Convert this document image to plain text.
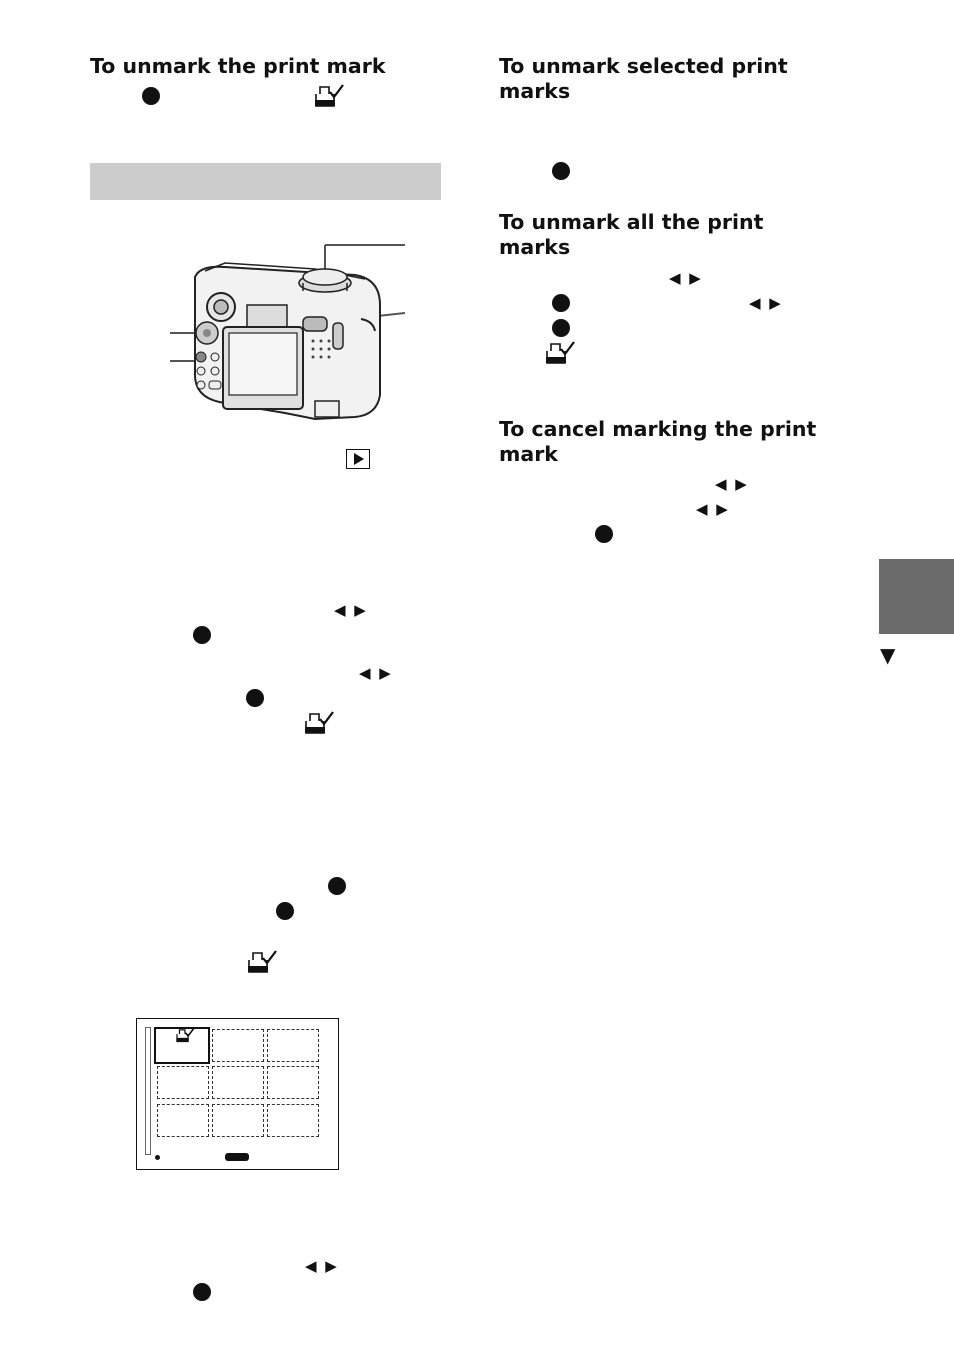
To unmark the print mark
◀ ▶
◀ ▶
◀ ▶
To unmark selected print marks
To unmark all the print marks
◀ ▶
◀ ▶
To cancel marking the print mark
◀ ▶
◀ ▶
▼
